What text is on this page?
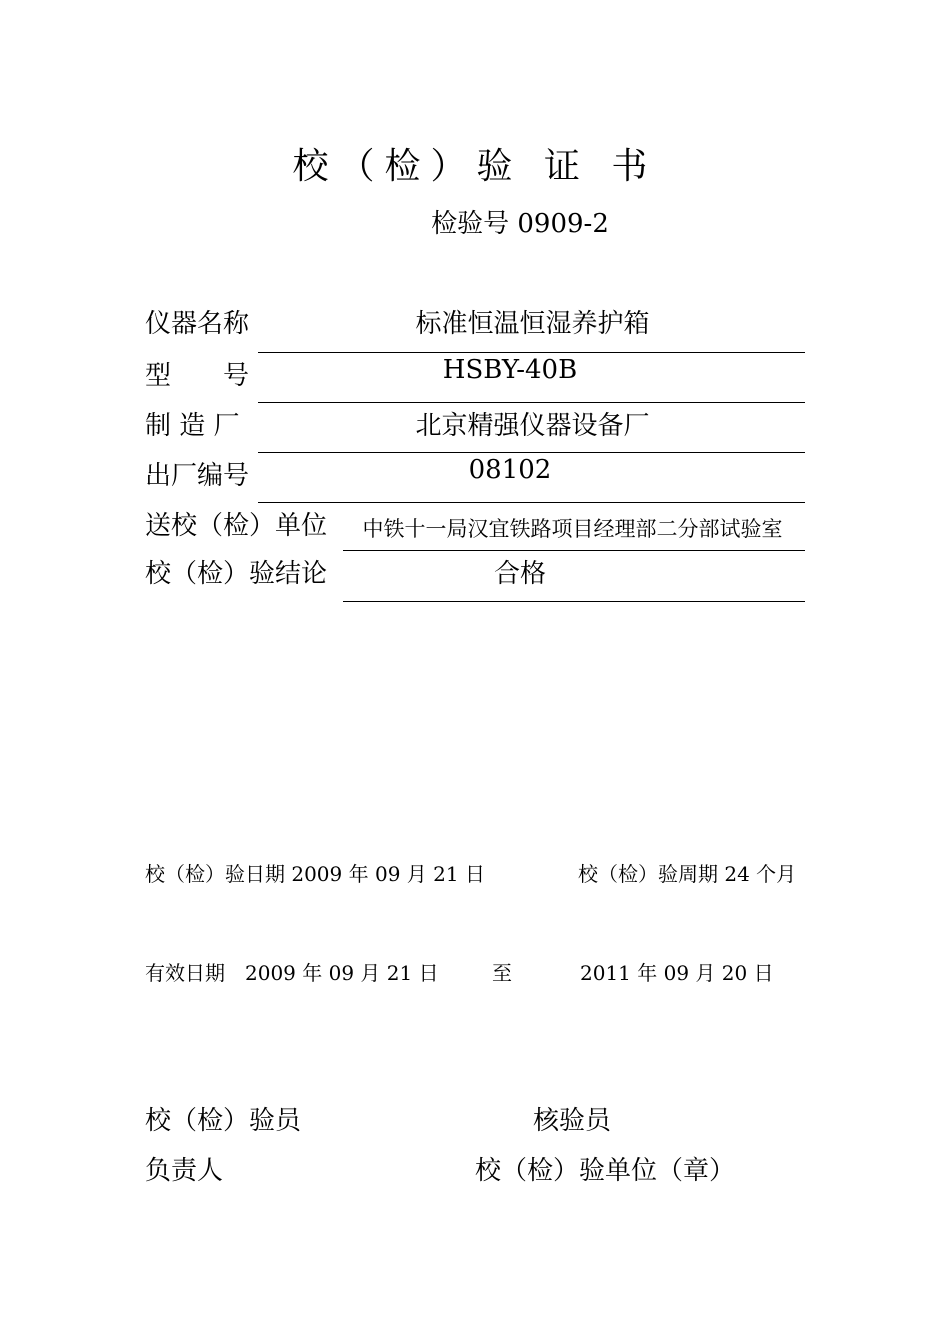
校（检）验 证 书
检验号 0909-2
仪器名称	标准恒温恒湿养护箱
型　　号	HSBY-40B
制 造 厂	北京精强仪器设备厂
出厂编号	08102
送校（检）单位	中铁十一局汉宜铁路项目经理部二分部试验室
校（检）验结论	合格
校（检）验日期 2009 年 09 月 21 日	校（检）验周期 24 个月
有效日期 2009 年 09 月 21 日	至	2011 年 09 月 20 日
校（检）验员	核验员
负责人	校（检）验单位（章）
